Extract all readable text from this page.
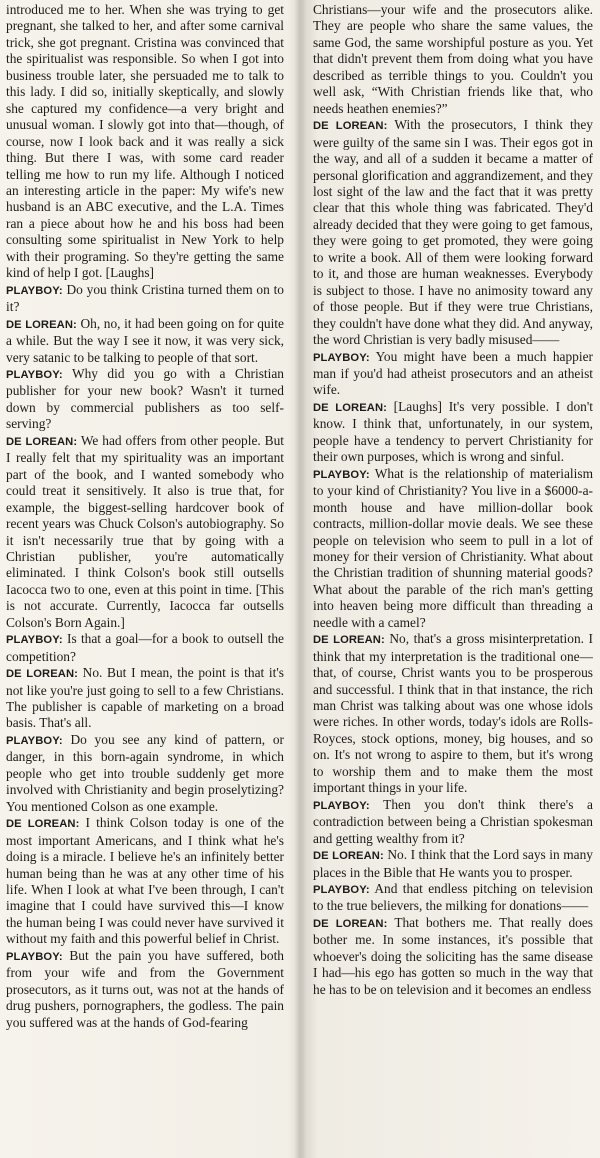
introduced me to her. When she was trying to get pregnant, she talked to her, and after some carnival trick, she got pregnant. Cristina was convinced that the spiritualist was responsible. So when I got into business trouble later, she persuaded me to talk to this lady. I did so, initially skeptically, and slowly she captured my confidence—a very bright and unusual woman. I slowly got into that—though, of course, now I look back and it was really a sick thing. But there I was, with some card reader telling me how to run my life. Although I noticed an interesting article in the paper: My wife's new husband is an ABC executive, and the L.A. Times ran a piece about how he and his boss had been consulting some spiritualist in New York to help with their programing. So they're getting the same kind of help I got. [Laughs]

PLAYBOY: Do you think Cristina turned them on to it?

DE LOREAN: Oh, no, it had been going on for quite a while. But the way I see it now, it was very sick, very satanic to be talking to people of that sort.

PLAYBOY: Why did you go with a Christian publisher for your new book? Wasn't it turned down by commercial publishers as too self-serving?

DE LOREAN: We had offers from other people. But I really felt that my spirituality was an important part of the book, and I wanted somebody who could treat it sensitively. It also is true that, for example, the biggest-selling hardcover book of recent years was Chuck Colson's autobiography. So it isn't necessarily true that by going with a Christian publisher, you're automatically eliminated. I think Colson's book still outsells Iacocca two to one, even at this point in time. [This is not accurate. Currently, Iacocca far outsells Colson's Born Again.]

PLAYBOY: Is that a goal—for a book to outsell the competition?

DE LOREAN: No. But I mean, the point is that it's not like you're just going to sell to a few Christians. The publisher is capable of marketing on a broad basis. That's all.

PLAYBOY: Do you see any kind of pattern, or danger, in this born-again syndrome, in which people who get into trouble suddenly get more involved with Christianity and begin proselytizing? You mentioned Colson as one example.

DE LOREAN: I think Colson today is one of the most important Americans, and I think what he's doing is a miracle. I believe he's an infinitely better human being than he was at any other time of his life. When I look at what I've been through, I can't imagine that I could have survived this—I know the human being I was could never have survived it without my faith and this powerful belief in Christ.

PLAYBOY: But the pain you have suffered, both from your wife and from the Government prosecutors, as it turns out, was not at the hands of drug pushers, pornographers, the godless. The pain you suffered was at the hands of God-fearing

Christians—your wife and the prosecutors alike. They are people who share the same values, the same God, the same worshipful posture as you. Yet that didn't prevent them from doing what you have described as terrible things to you. Couldn't you well ask, “With Christian friends like that, who needs heathen enemies?”

DE LOREAN: With the prosecutors, I think they were guilty of the same sin I was. Their egos got in the way, and all of a sudden it became a matter of personal glorification and aggrandizement, and they lost sight of the law and the fact that it was pretty clear that this whole thing was fabricated. They'd already decided that they were going to get famous, they were going to get promoted, they were going to write a book. All of them were looking forward to it, and those are human weaknesses. Everybody is subject to those. I have no animosity toward any of those people. But if they were true Christians, they couldn't have done what they did. And anyway, the word Christian is very badly misused——

PLAYBOY: You might have been a much happier man if you'd had atheist prosecutors and an atheist wife.

DE LOREAN: [Laughs] It's very possible. I don't know. I think that, unfortunately, in our system, people have a tendency to pervert Christianity for their own purposes, which is wrong and sinful.

PLAYBOY: What is the relationship of materialism to your kind of Christianity? You live in a $6000-a-month house and have million-dollar book contracts, million-dollar movie deals. We see these people on television who seem to pull in a lot of money for their version of Christianity. What about the Christian tradition of shunning material goods? What about the parable of the rich man's getting into heaven being more difficult than threading a needle with a camel?

DE LOREAN: No, that's a gross misinterpretation. I think that my interpretation is the traditional one—that, of course, Christ wants you to be prosperous and successful. I think that in that instance, the rich man Christ was talking about was one whose idols were riches. In other words, today's idols are Rolls-Royces, stock options, money, big houses, and so on. It's not wrong to aspire to them, but it's wrong to worship them and to make them the most important things in your life.

PLAYBOY: Then you don't think there's a contradiction between being a Christian spokesman and getting wealthy from it?

DE LOREAN: No. I think that the Lord says in many places in the Bible that He wants you to prosper.

PLAYBOY: And that endless pitching on television to the true believers, the milking for donations——

DE LOREAN: That bothers me. That really does bother me. In some instances, it's possible that whoever's doing the soliciting has the same disease I had—his ego has gotten so much in the way that he has to be on television and it becomes an endless
